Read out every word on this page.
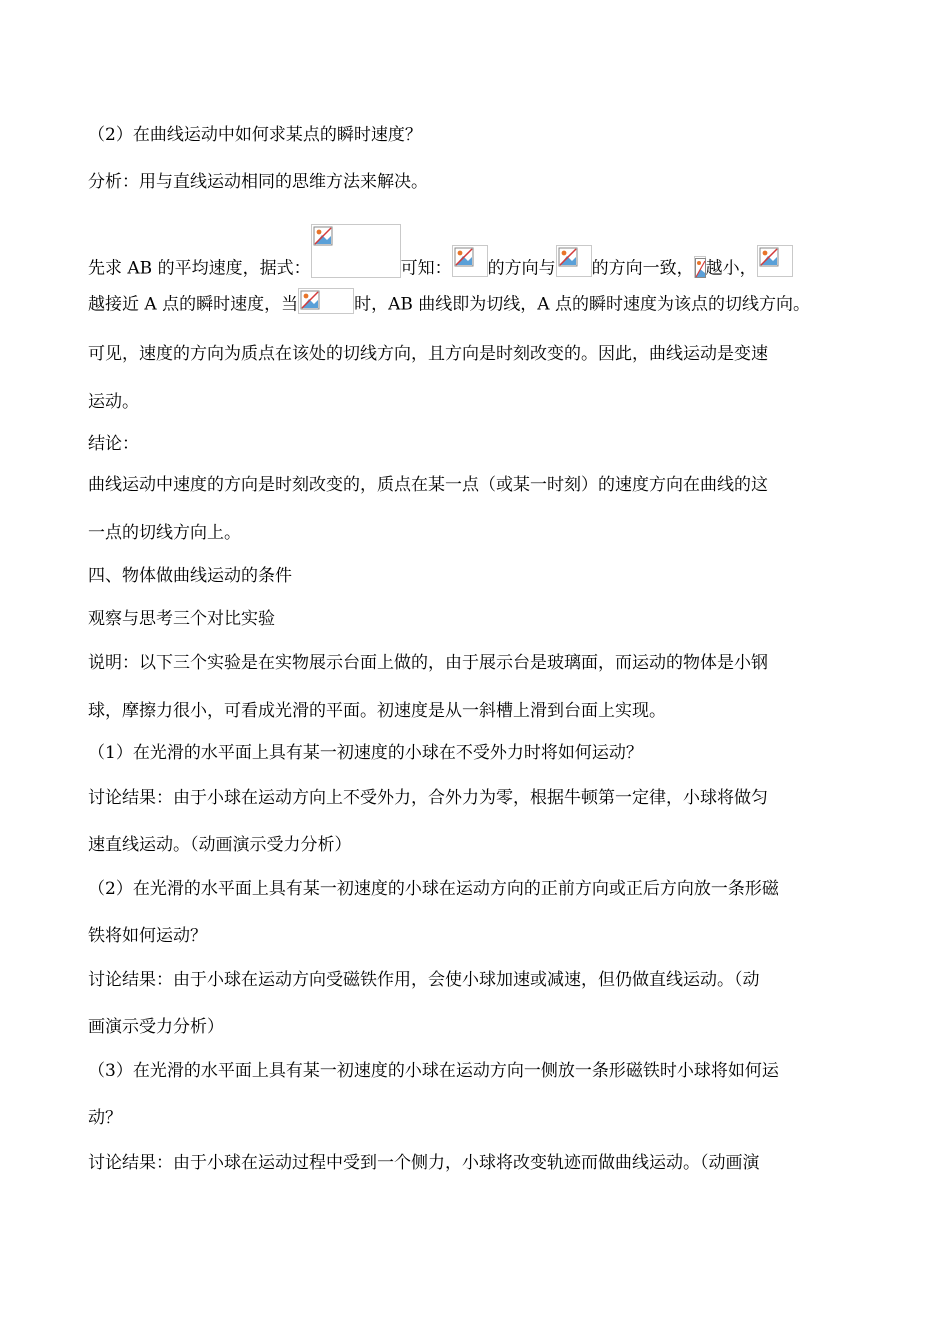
（2）在曲线运动中如何求某点的瞬时速度？
分析：用与直线运动相同的思维方法来解决。
先求 AB 的平均速度，据式：	可知： 的方向与 的方向一致， 越小，
越接近 A 点的瞬时速度，当	时，AB 曲线即为切线，A 点的瞬时速度为该点的切线方向。
可见，速度的方向为质点在该处的切线方向，且方向是时刻改变的。因此，曲线运动是变速
运动。
结论：
曲线运动中速度的方向是时刻改变的，质点在某一点（或某一时刻）的速度方向在曲线的这
一点的切线方向上。
四、物体做曲线运动的条件
观察与思考三个对比实验
说明：以下三个实验是在实物展示台面上做的，由于展示台是玻璃面，而运动的物体是小钢
球，摩擦力很小，可看成光滑的平面。初速度是从一斜槽上滑到台面上实现。
（1）在光滑的水平面上具有某一初速度的小球在不受外力时将如何运动？
讨论结果：由于小球在运动方向上不受外力，合外力为零，根据牛顿第一定律，小球将做匀
速直线运动。（动画演示受力分析）
（2）在光滑的水平面上具有某一初速度的小球在运动方向的正前方向或正后方向放一条形磁
铁将如何运动？
讨论结果：由于小球在运动方向受磁铁作用，会使小球加速或减速，但仍做直线运动。（动
画演示受力分析）
（3）在光滑的水平面上具有某一初速度的小球在运动方向一侧放一条形磁铁时小球将如何运
动？
讨论结果：由于小球在运动过程中受到一个侧力，小球将改变轨迹而做曲线运动。（动画演
